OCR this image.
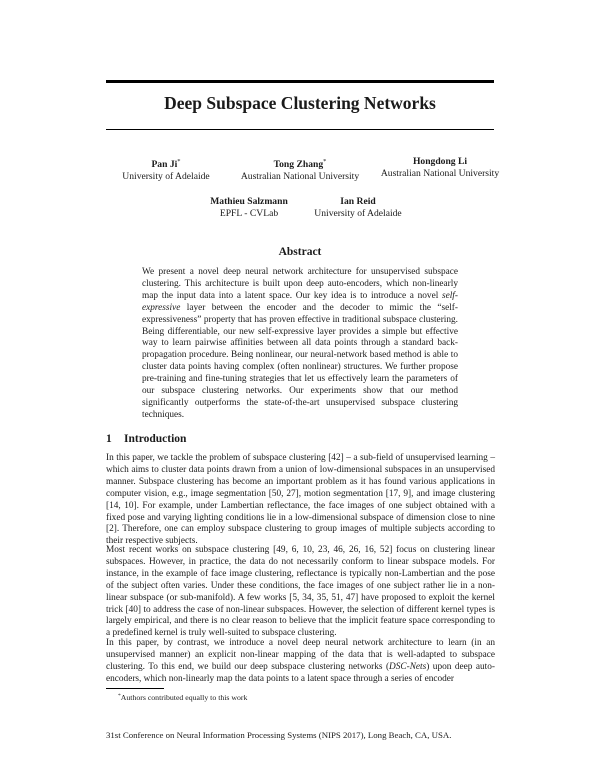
Deep Subspace Clustering Networks
Pan Ji*
University of Adelaide
Tong Zhang*
Australian National University
Hongdong Li
Australian National University
Mathieu Salzmann
EPFL - CVLab
Ian Reid
University of Adelaide
Abstract
We present a novel deep neural network architecture for unsupervised subspace clustering. This architecture is built upon deep auto-encoders, which non-linearly map the input data into a latent space. Our key idea is to introduce a novel self-expressive layer between the encoder and the decoder to mimic the “self-expressiveness” property that has proven effective in traditional subspace clustering. Being differentiable, our new self-expressive layer provides a simple but effective way to learn pairwise affinities between all data points through a standard back-propagation procedure. Being nonlinear, our neural-network based method is able to cluster data points having complex (often nonlinear) structures. We further propose pre-training and fine-tuning strategies that let us effectively learn the parameters of our subspace clustering networks. Our experiments show that our method significantly outperforms the state-of-the-art unsupervised subspace clustering techniques.
1 Introduction
In this paper, we tackle the problem of subspace clustering [42] – a sub-field of unsupervised learning – which aims to cluster data points drawn from a union of low-dimensional subspaces in an unsupervised manner. Subspace clustering has become an important problem as it has found various applications in computer vision, e.g., image segmentation [50, 27], motion segmentation [17, 9], and image clustering [14, 10]. For example, under Lambertian reflectance, the face images of one subject obtained with a fixed pose and varying lighting conditions lie in a low-dimensional subspace of dimension close to nine [2]. Therefore, one can employ subspace clustering to group images of multiple subjects according to their respective subjects.
Most recent works on subspace clustering [49, 6, 10, 23, 46, 26, 16, 52] focus on clustering linear subspaces. However, in practice, the data do not necessarily conform to linear subspace models. For instance, in the example of face image clustering, reflectance is typically non-Lambertian and the pose of the subject often varies. Under these conditions, the face images of one subject rather lie in a non-linear subspace (or sub-manifold). A few works [5, 34, 35, 51, 47] have proposed to exploit the kernel trick [40] to address the case of non-linear subspaces. However, the selection of different kernel types is largely empirical, and there is no clear reason to believe that the implicit feature space corresponding to a predefined kernel is truly well-suited to subspace clustering.
In this paper, by contrast, we introduce a novel deep neural network architecture to learn (in an unsupervised manner) an explicit non-linear mapping of the data that is well-adapted to subspace clustering. To this end, we build our deep subspace clustering networks (DSC-Nets) upon deep auto-encoders, which non-linearly map the data points to a latent space through a series of encoder
*Authors contributed equally to this work
31st Conference on Neural Information Processing Systems (NIPS 2017), Long Beach, CA, USA.
